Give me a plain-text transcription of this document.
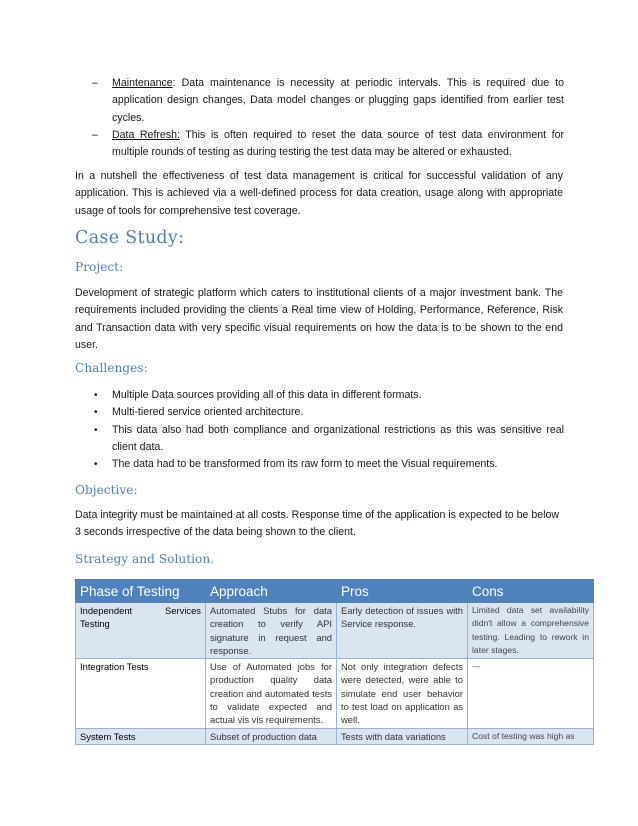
– Maintenance: Data maintenance is necessity at periodic intervals. This is required due to application design changes, Data model changes or plugging gaps identified from earlier test cycles.
– Data Refresh: This is often required to reset the data source of test data environment for multiple rounds of testing as during testing the test data may be altered or exhausted.

In a nutshell the effectiveness of test data management is critical for successful validation of any application. This is achieved via a well-defined process for data creation, usage along with appropriate usage of tools for comprehensive test coverage.

Case Study:
Project:

Development of strategic platform which caters to institutional clients of a major investment bank. The requirements included providing the clients a Real time view of Holding, Performance, Reference, Risk and Transaction data with very specific visual requirements on how the data is to be shown to the end user.

Challenges:
• Multiple Data sources providing all of this data in different formats.
• Multi-tiered service oriented architecture.
• This data also had both compliance and organizational restrictions as this was sensitive real client data.
• The data had to be transformed from its raw form to meet the Visual requirements.
Objective:

Data integrity must be maintained at all costs. Response time of the application is expected to be below 3 seconds irrespective of the data being shown to the client.

Strategy and Solution.
Phase of Testing	Approach	Pros	Cons

Independent Services
Testing	Automated Stubs for data creation to verify API signature in request and response.	Early detection of issues with Service response.	Limited data set availability didn't allow a comprehensive testing. Leading to rework in later stages.
Integration Tests	Use of Automated jobs for production quality data creation and automated tests to validate expected and actual vis vis requirements.	Not only integration defects were detected, were able to simulate end user behavior to test load on application as well.	---
System Tests	Subset of production data	Tests with data variations	Cost of testing was high as
